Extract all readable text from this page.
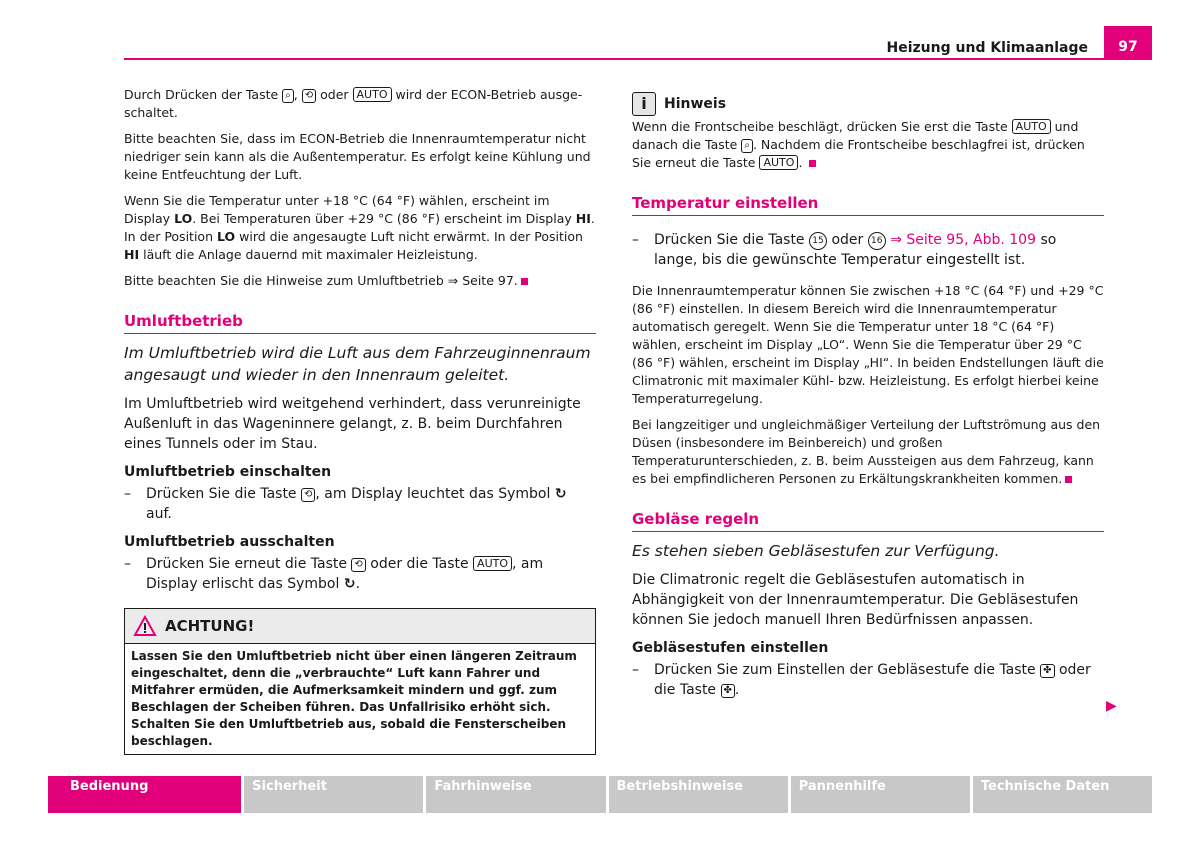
Heizung und Klimaanlage	97

Durch Drücken der Taste ⌕ , ⟲ oder AUTO wird der ECON-Betrieb ausge-schaltet.

Bitte beachten Sie, dass im ECON-Betrieb die Innenraumtemperatur nicht niedriger sein kann als die Außentemperatur. Es erfolgt keine Kühlung und keine Entfeuchtung der Luft.

Wenn Sie die Temperatur unter +18 °C (64 °F) wählen, erscheint im Display LO. Bei Temperaturen über +29 °C (86 °F) erscheint im Display HI. In der Position LO wird die angesaugte Luft nicht erwärmt. In der Position HI läuft die Anlage dauernd mit maximaler Heizleistung.

Bitte beachten Sie die Hinweise zum Umluftbetrieb ⇒ Seite 97.

Umluftbetrieb

Im Umluftbetrieb wird die Luft aus dem Fahrzeuginnenraum angesaugt und wieder in den Innenraum geleitet.

Im Umluftbetrieb wird weitgehend verhindert, dass verunreinigte Außenluft in das Wageninnere gelangt, z. B. beim Durchfahren eines Tunnels oder im Stau.

Umluftbetrieb einschalten
–	Drücken Sie die Taste ⟲ , am Display leuchtet das Symbol ↻ auf.
Umluftbetrieb ausschalten
–	Drücken Sie erneut die Taste ⟲ oder die Taste AUTO , am Display erlischt das Symbol ↻.
ACHTUNG!
Lassen Sie den Umluftbetrieb nicht über einen längeren Zeitraum eingeschaltet, denn die „verbrauchte“ Luft kann Fahrer und Mitfahrer ermüden, die Aufmerksamkeit mindern und ggf. zum Beschlagen der Scheiben führen. Das Unfallrisiko erhöht sich. Schalten Sie den Umluftbetrieb aus, sobald die Fensterscheiben beschlagen.
i	Hinweis

Wenn die Frontscheibe beschlägt, drücken Sie erst die Taste AUTO und danach die Taste ⌕ . Nachdem die Frontscheibe beschlagfrei ist, drücken Sie erneut die Taste AUTO .

Temperatur einstellen
–	Drücken Sie die Taste 15 oder 16 ⇒ Seite 95, Abb. 109 so lange, bis die gewünschte Temperatur eingestellt ist.

Die Innenraumtemperatur können Sie zwischen +18 °C (64 °F) und +29 °C (86 °F) einstellen. In diesem Bereich wird die Innenraumtemperatur automatisch geregelt. Wenn Sie die Temperatur unter 18 °C (64 °F) wählen, erscheint im Display „LO“. Wenn Sie die Temperatur über 29 °C (86 °F) wählen, erscheint im Display „HI“. In beiden Endstellungen läuft die Climatronic mit maximaler Kühl- bzw. Heizleistung. Es erfolgt hierbei keine Temperaturregelung.

Bei langzeitiger und ungleichmäßiger Verteilung der Luftströmung aus den Düsen (insbesondere im Beinbereich) und großen Temperaturunterschieden, z. B. beim Aussteigen aus dem Fahrzeug, kann es bei empfindlicheren Personen zu Erkältungskrankheiten kommen.

Gebläse regeln

Es stehen sieben Gebläsestufen zur Verfügung.

Die Climatronic regelt die Gebläsestufen automatisch in Abhängigkeit von der Innenraumtemperatur. Die Gebläsestufen können Sie jedoch manuell Ihren Bedürfnissen anpassen.

Gebläsestufen einstellen
–	Drücken Sie zum Einstellen der Gebläsestufe die Taste ✤ oder die Taste ✤ .
▶
Bedienung	Sicherheit	Fahrhinweise	Betriebshinweise	Pannenhilfe	Technische Daten
